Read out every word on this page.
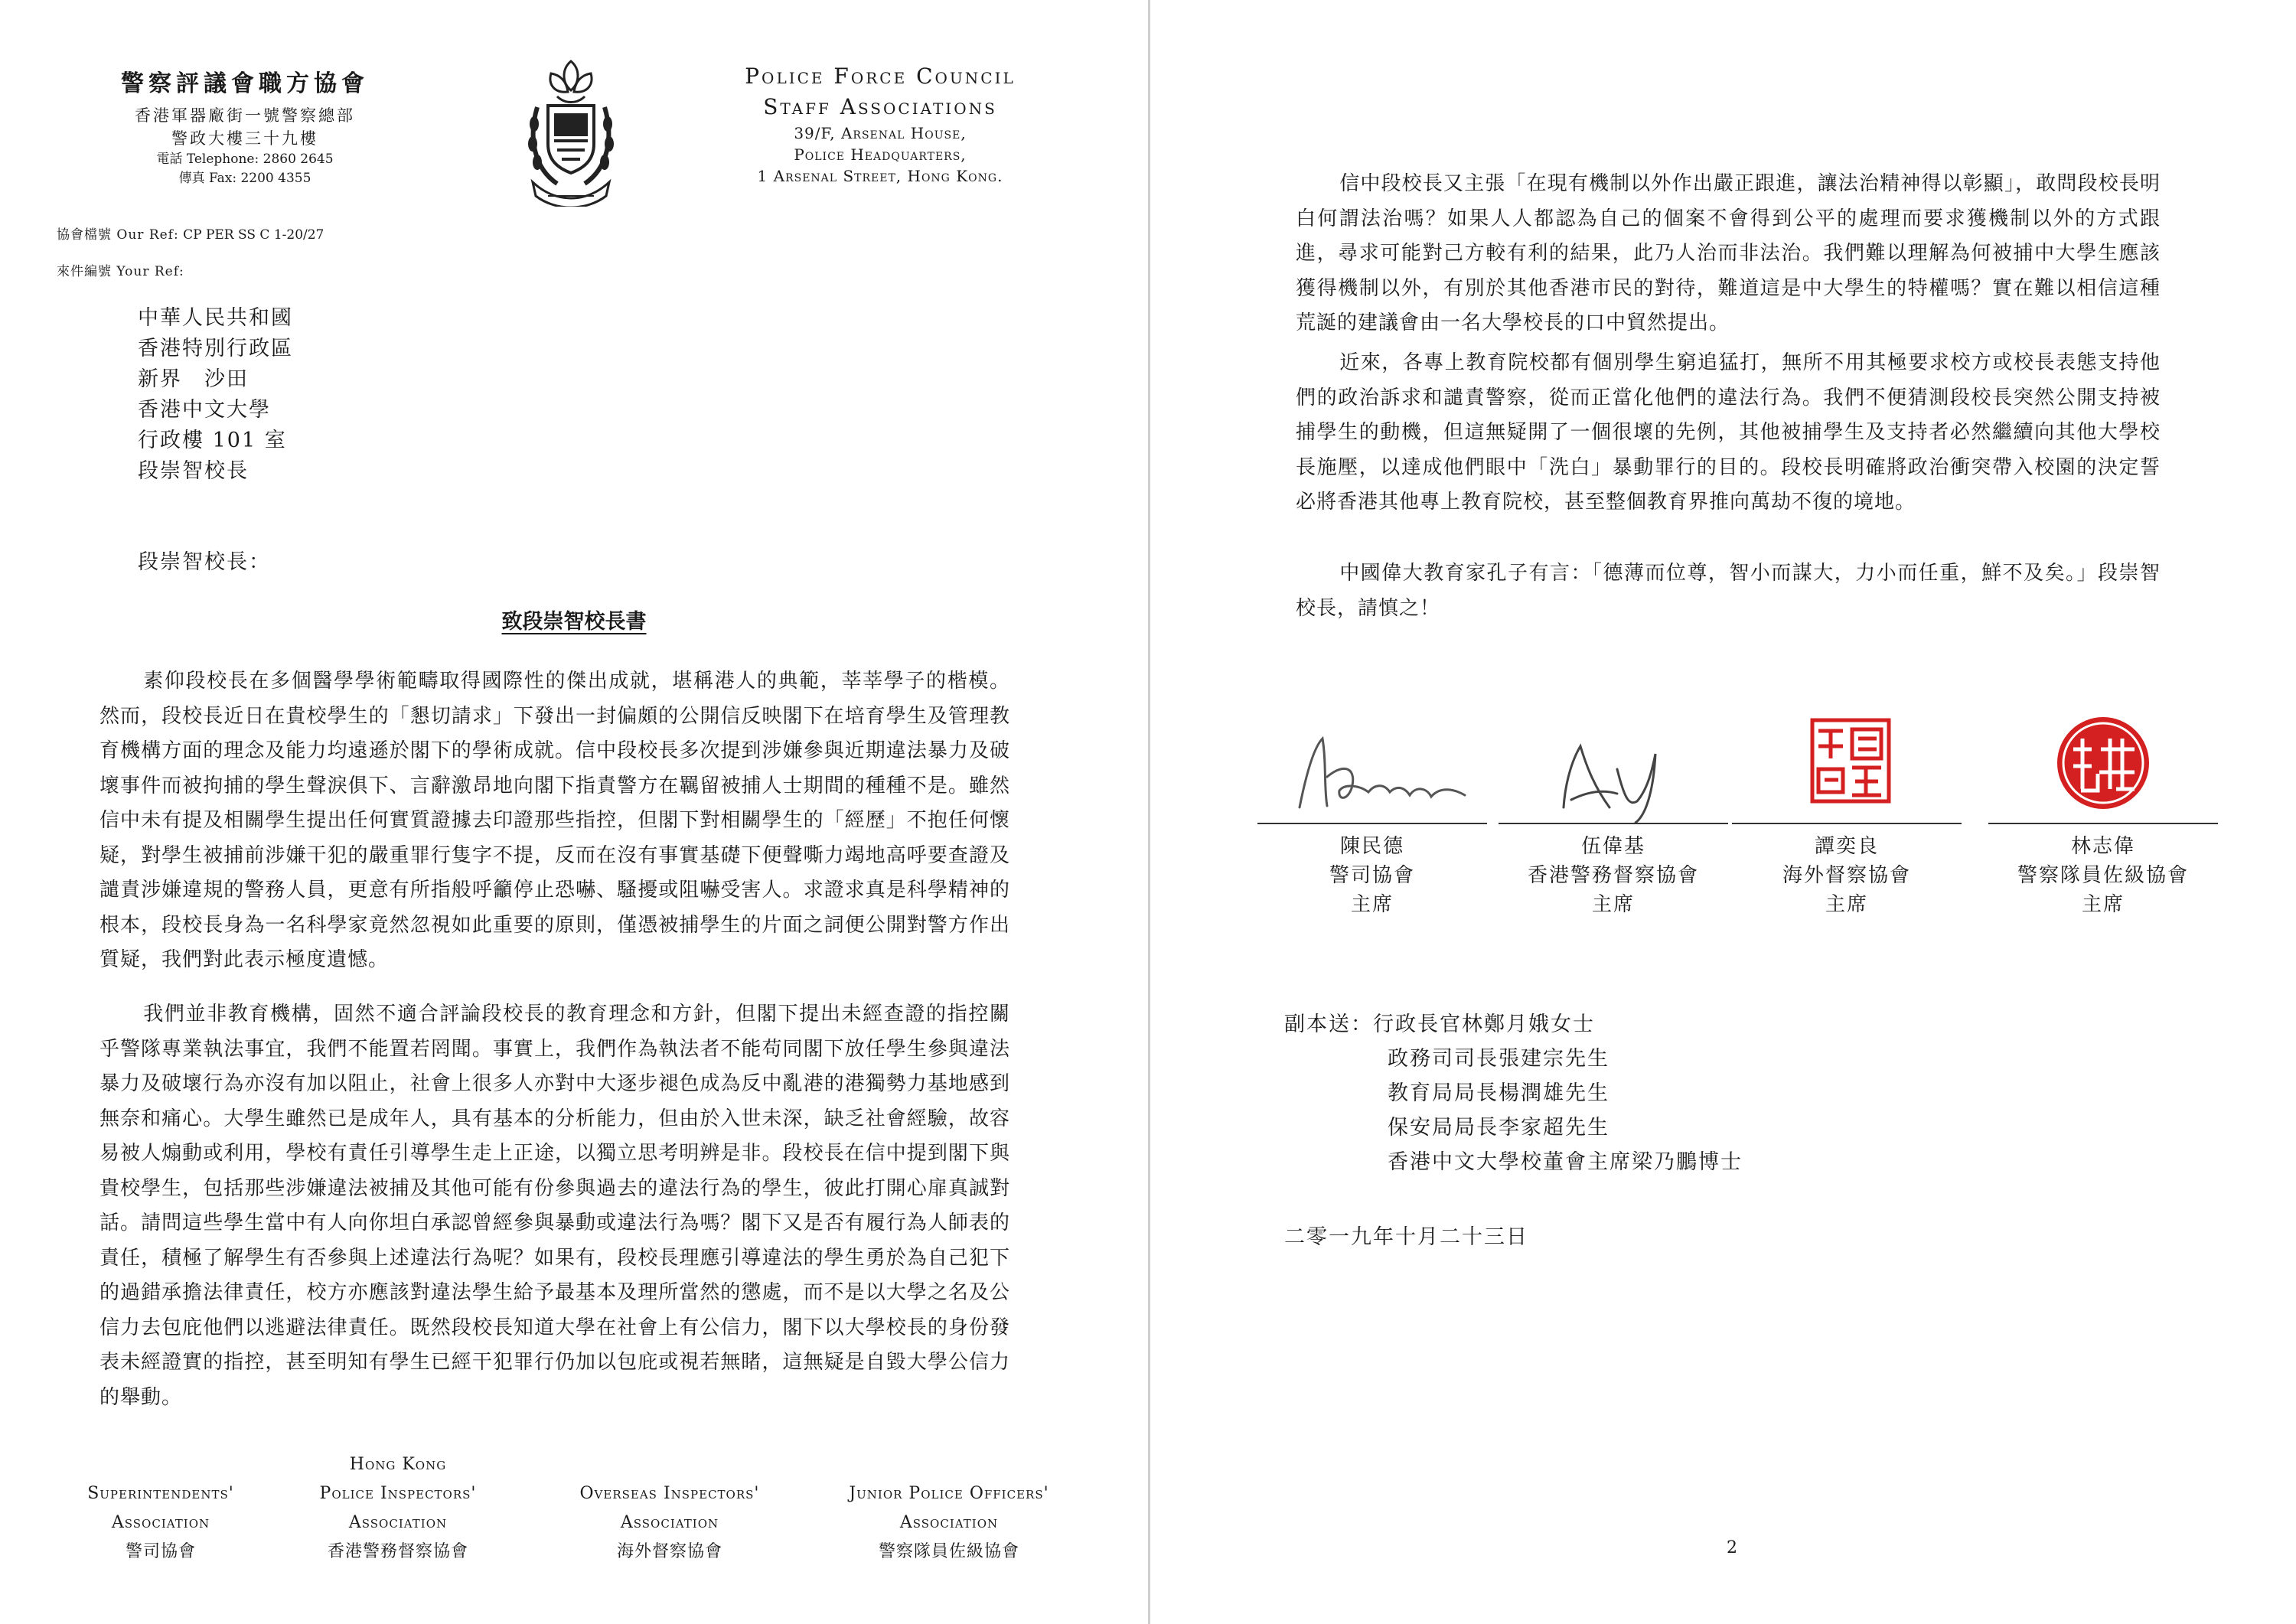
警察評議會職方協會
香港軍器廠街一號警察總部
警政大樓三十九樓
電話 Telephone: 2860 2645
傳真 Fax: 2200 4355
Police Force Council
Staff Associations
39/F, Arsenal House,
Police Headquarters,
1 Arsenal Street, Hong Kong.
協會檔號 Our Ref: CP PER SS C 1-20/27
來件編號 Your Ref:
中華人民共和國
香港特別行政區
新界　沙田
香港中文大學
行政樓 101 室
段崇智校長
段崇智校長：
致段崇智校長書

素仰段校長在多個醫學學術範疇取得國際性的傑出成就，堪稱港人的典範，莘莘學子的楷模。然而，段校長近日在貴校學生的「懇切請求」下發出一封偏頗的公開信反映閣下在培育學生及管理教育機構方面的理念及能力均遠遜於閣下的學術成就。信中段校長多次提到涉嫌參與近期違法暴力及破壞事件而被拘捕的學生聲淚俱下、言辭激昂地向閣下指責警方在羈留被捕人士期間的種種不是。雖然信中未有提及相關學生提出任何實質證據去印證那些指控，但閣下對相關學生的「經歷」不抱任何懷疑，對學生被捕前涉嫌干犯的嚴重罪行隻字不提，反而在沒有事實基礎下便聲嘶力竭地高呼要查證及譴責涉嫌違規的警務人員，更意有所指般呼籲停止恐嚇、騷擾或阻嚇受害人。求證求真是科學精神的根本，段校長身為一名科學家竟然忽視如此重要的原則，僅憑被捕學生的片面之詞便公開對警方作出質疑，我們對此表示極度遺憾。

我們並非教育機構，固然不適合評論段校長的教育理念和方針，但閣下提出未經查證的指控關乎警隊專業執法事宜，我們不能置若罔聞。事實上，我們作為執法者不能苟同閣下放任學生參與違法暴力及破壞行為亦沒有加以阻止，社會上很多人亦對中大逐步褪色成為反中亂港的港獨勢力基地感到無奈和痛心。大學生雖然已是成年人，具有基本的分析能力，但由於入世未深，缺乏社會經驗，故容易被人煽動或利用，學校有責任引導學生走上正途，以獨立思考明辨是非。段校長在信中提到閣下與貴校學生，包括那些涉嫌違法被捕及其他可能有份參與過去的違法行為的學生，彼此打開心扉真誠對話。請問這些學生當中有人向你坦白承認曾經參與暴動或違法行為嗎？閣下又是否有履行為人師表的責任，積極了解學生有否參與上述違法行為呢？如果有，段校長理應引導違法的學生勇於為自己犯下的過錯承擔法律責任，校方亦應該對違法學生給予最基本及理所當然的懲處，而不是以大學之名及公信力去包庇他們以逃避法律責任。既然段校長知道大學在社會上有公信力，閣下以大學校長的身份發表未經證實的指控，甚至明知有學生已經干犯罪行仍加以包庇或視若無睹，這無疑是自毀大學公信力的舉動。

Superintendents'
Association
警司協會
Hong Kong
Police Inspectors'
Association
香港警務督察協會

Overseas Inspectors'
Association
海外督察協會

Junior Police Officers'
Association
警察隊員佐級協會

信中段校長又主張「在現有機制以外作出嚴正跟進，讓法治精神得以彰顯」，敢問段校長明白何謂法治嗎？如果人人都認為自己的個案不會得到公平的處理而要求獲機制以外的方式跟進，尋求可能對己方較有利的結果，此乃人治而非法治。我們難以理解為何被捕中大學生應該獲得機制以外，有別於其他香港市民的對待，難道這是中大學生的特權嗎？實在難以相信這種荒誕的建議會由一名大學校長的口中貿然提出。

近來，各專上教育院校都有個別學生窮追猛打，無所不用其極要求校方或校長表態支持他們的政治訴求和譴責警察，從而正當化他們的違法行為。我們不便猜測段校長突然公開支持被捕學生的動機，但這無疑開了一個很壞的先例，其他被捕學生及支持者必然繼續向其他大學校長施壓，以達成他們眼中「洗白」暴動罪行的目的。段校長明確將政治衝突帶入校園的決定誓必將香港其他專上教育院校，甚至整個教育界推向萬劫不復的境地。

中國偉大教育家孔子有言：「德薄而位尊，智小而謀大，力小而任重，鮮不及矣。」段崇智校長，請慎之！

RamGhan
陳民德
警司協會
主席
Dy
伍偉基
香港警務督察協會
主席
譚奕良
海外督察協會
主席
林志偉
警察隊員佐級協會
主席
副本送：行政長官林鄭月娥女士
政務司司長張建宗先生
教育局局長楊潤雄先生
保安局局長李家超先生
香港中文大學校董會主席梁乃鵬博士
二零一九年十月二十三日
2
